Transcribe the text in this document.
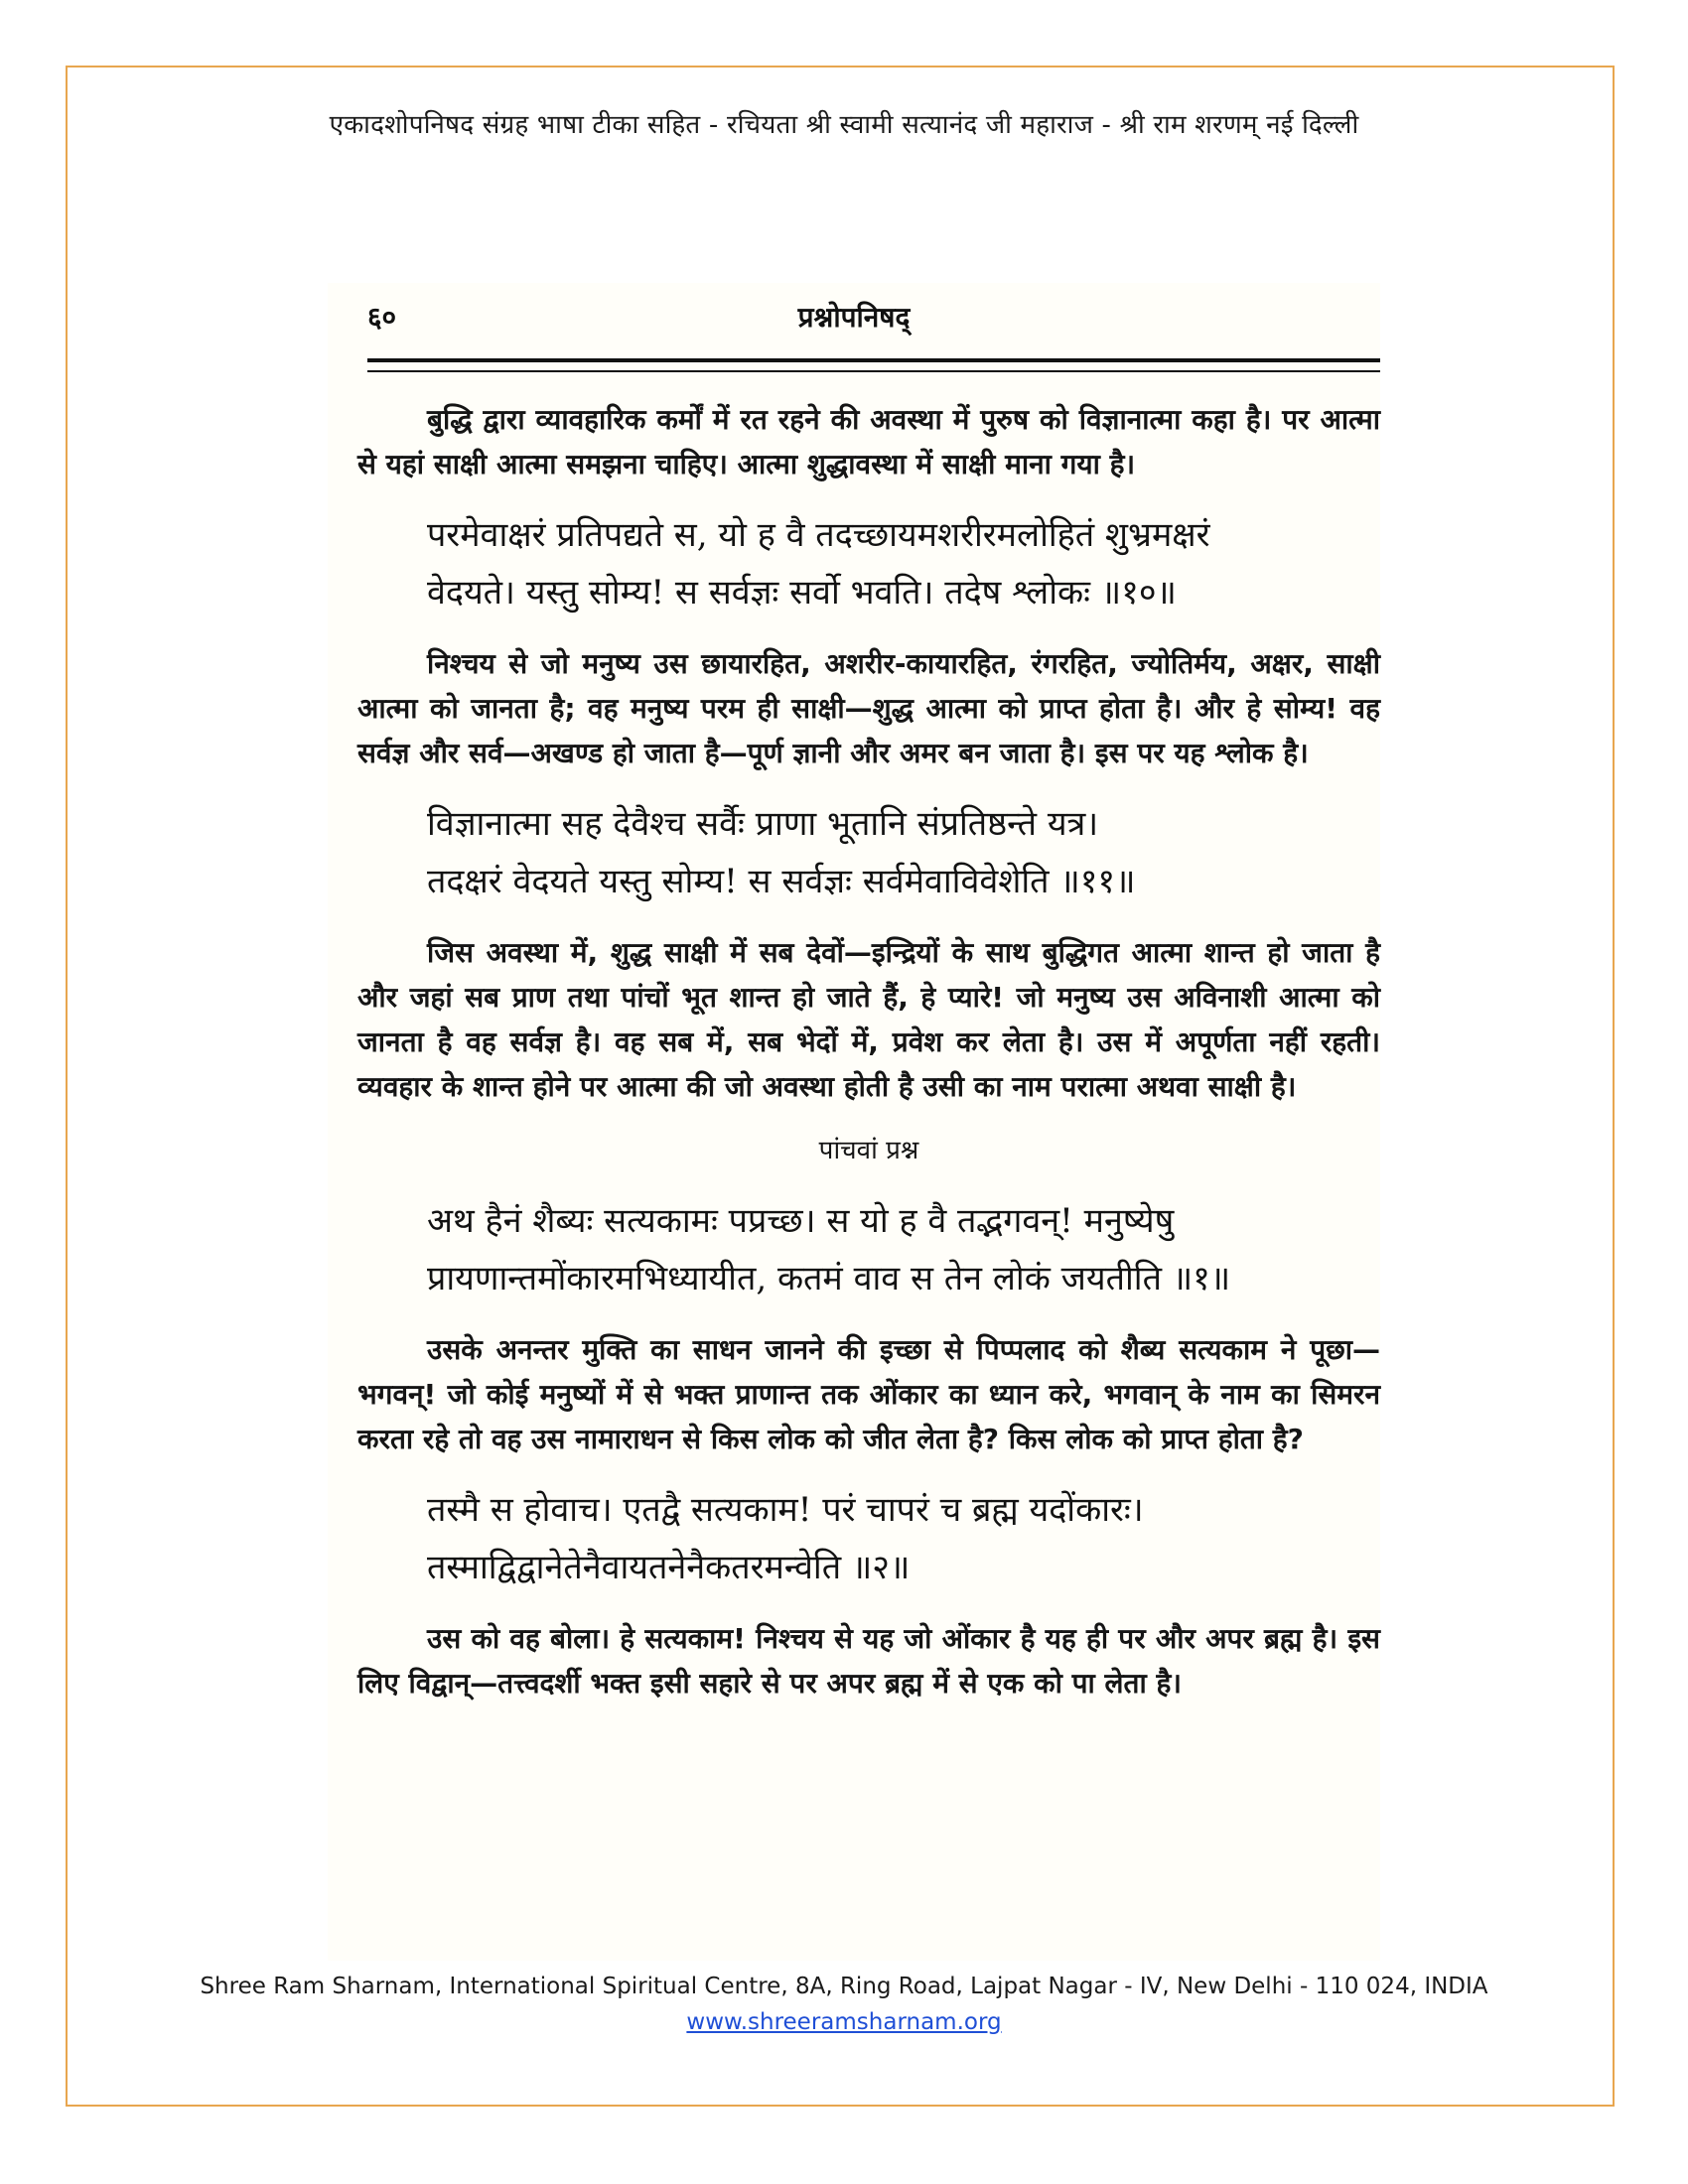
एकादशोपनिषद संग्रह भाषा टीका सहित - रचियता श्री स्वामी सत्यानंद जी महाराज - श्री राम शरणम् नई दिल्ली
६०	प्रश्नोपनिषद्

बुद्धि द्वारा व्यावहारिक कर्मों में रत रहने की अवस्था में पुरुष को विज्ञानात्मा कहा है। पर आत्मा से यहां साक्षी आत्मा समझना चाहिए। आत्मा शुद्धावस्था में साक्षी माना गया है।

परमेवाक्षरं प्रतिपद्यते स, यो ह वै तदच्छायमशरीरमलोहितं शुभ्रमक्षरं

वेदयते। यस्तु सोम्य! स सर्वज्ञः सर्वो भवति। तदेष श्लोकः ॥१०॥

निश्चय से जो मनुष्य उस छायारहित, अशरीर-कायारहित, रंगरहित, ज्योतिर्मय, अक्षर, साक्षी आत्मा को जानता है; वह मनुष्य परम ही साक्षी—शुद्ध आत्मा को प्राप्त होता है। और हे सोम्य! वह सर्वज्ञ और सर्व—अखण्ड हो जाता है—पूर्ण ज्ञानी और अमर बन जाता है। इस पर यह श्लोक है।

विज्ञानात्मा सह देवैश्च सर्वैः प्राणा भूतानि संप्रतिष्ठन्ते यत्र।

तदक्षरं वेदयते यस्तु सोम्य! स सर्वज्ञः सर्वमेवाविवेशेति ॥११॥

जिस अवस्था में, शुद्ध साक्षी में सब देवों—इन्द्रियों के साथ बुद्धिगत आत्मा शान्त हो जाता है और जहां सब प्राण तथा पांचों भूत शान्त हो जाते हैं, हे प्यारे! जो मनुष्य उस अविनाशी आत्मा को जानता है वह सर्वज्ञ है। वह सब में, सब भेदों में, प्रवेश कर लेता है। उस में अपूर्णता नहीं रहती। व्यवहार के शान्त होने पर आत्मा की जो अवस्था होती है उसी का नाम परात्मा अथवा साक्षी है।

पांचवां प्रश्न

अथ हैनं शैब्यः सत्यकामः पप्रच्छ। स यो ह वै तद्भगवन्! मनुष्येषु

प्रायणान्तमोंकारमभिध्यायीत, कतमं वाव स तेन लोकं जयतीति ॥१॥

उसके अनन्तर मुक्ति का साधन जानने की इच्छा से पिप्पलाद को शैब्य सत्यकाम ने पूछा—भगवन्! जो कोई मनुष्यों में से भक्त प्राणान्त तक ओंकार का ध्यान करे, भगवान् के नाम का सिमरन करता रहे तो वह उस नामाराधन से किस लोक को जीत लेता है? किस लोक को प्राप्त होता है?

तस्मै स होवाच। एतद्वै सत्यकाम! परं चापरं च ब्रह्म यदोंकारः।

तस्माद्विद्वानेतेनैवायतनेनैकतरमन्वेति ॥२॥

उस को वह बोला। हे सत्यकाम! निश्चय से यह जो ओंकार है यह ही पर और अपर ब्रह्म है। इस लिए विद्वान्—तत्त्वदर्शी भक्त इसी सहारे से पर अपर ब्रह्म में से एक को पा लेता है।

Shree Ram Sharnam, International Spiritual Centre, 8A, Ring Road, Lajpat Nagar - IV, New Delhi - 110 024, INDIA
www.shreeramsharnam.org
